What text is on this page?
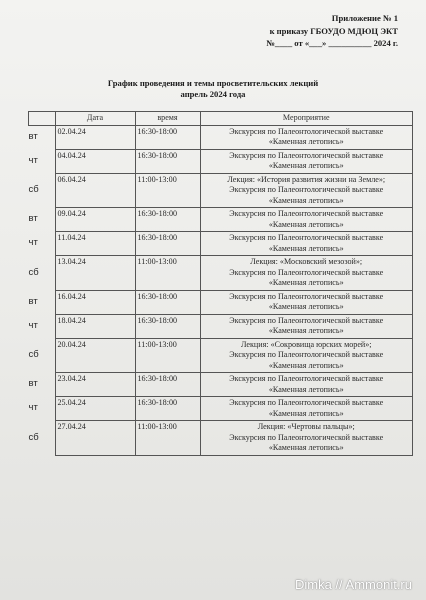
Приложение № 1
к приказу ГБОУДО МДЮЦ ЭКТ
№____ от «___» __________ 2024 г.
График проведения и темы просветительских лекций
апрель 2024 года
	Дата	время	Мероприятие
вт	02.04.24	16:30-18:00	Экскурсия по Палеонтологической выставке
«Каменная летопись»

чт	04.04.24	16:30-18:00	Экскурсия по Палеонтологической выставке
«Каменная летопись»

сб	06.04.24	11:00-13:00	Лекция: «История развития жизни на Земле»;
Экскурсия по Палеонтологической выставке
«Каменная летопись»

вт	09.04.24	16:30-18:00	Экскурсия по Палеонтологической выставке
«Каменная летопись»

чт	11.04.24	16:30-18:00	Экскурсия по Палеонтологической выставке
«Каменная летопись»

сб	13.04.24	11:00-13:00	Лекция: «Московский мезозой»;
Экскурсия по Палеонтологической выставке
«Каменная летопись»

вт	16.04.24	16:30-18:00	Экскурсия по Палеонтологической выставке
«Каменная летопись»

чт	18.04.24	16:30-18:00	Экскурсия по Палеонтологической выставке
«Каменная летопись»

сб	20.04.24	11:00-13:00	Лекция: «Сокровища юрских морей»;
Экскурсия по Палеонтологической выставке
«Каменная летопись»

вт	23.04.24	16:30-18:00	Экскурсия по Палеонтологической выставке
«Каменная летопись»

чт	25.04.24	16:30-18:00	Экскурсия по Палеонтологической выставке
«Каменная летопись»

сб	27.04.24	11:00-13:00	Лекция: «Чертовы пальцы»;
Экскурсия по Палеонтологической выставке
«Каменная летопись»
Dimka // Ammonit.ru
